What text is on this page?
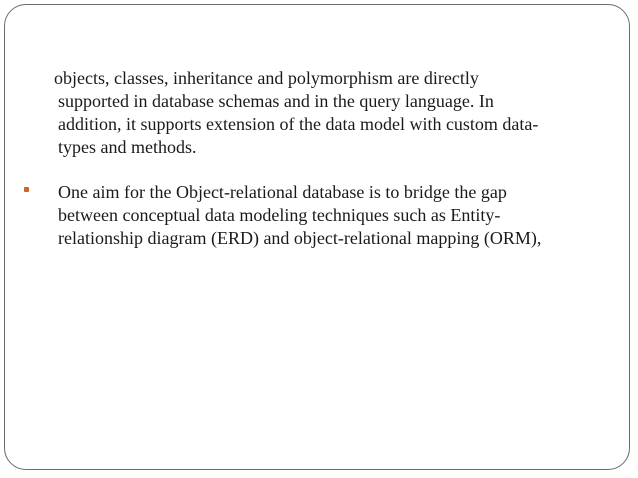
objects, classes, inheritance and polymorphism are directly
supported in database schemas and in the query language. In
addition, it supports extension of the data model with custom data-
types and methods.

One aim for the Object-relational database is to bridge the gap
between conceptual data modeling techniques such as Entity-
relationship diagram (ERD) and object-relational mapping (ORM),
